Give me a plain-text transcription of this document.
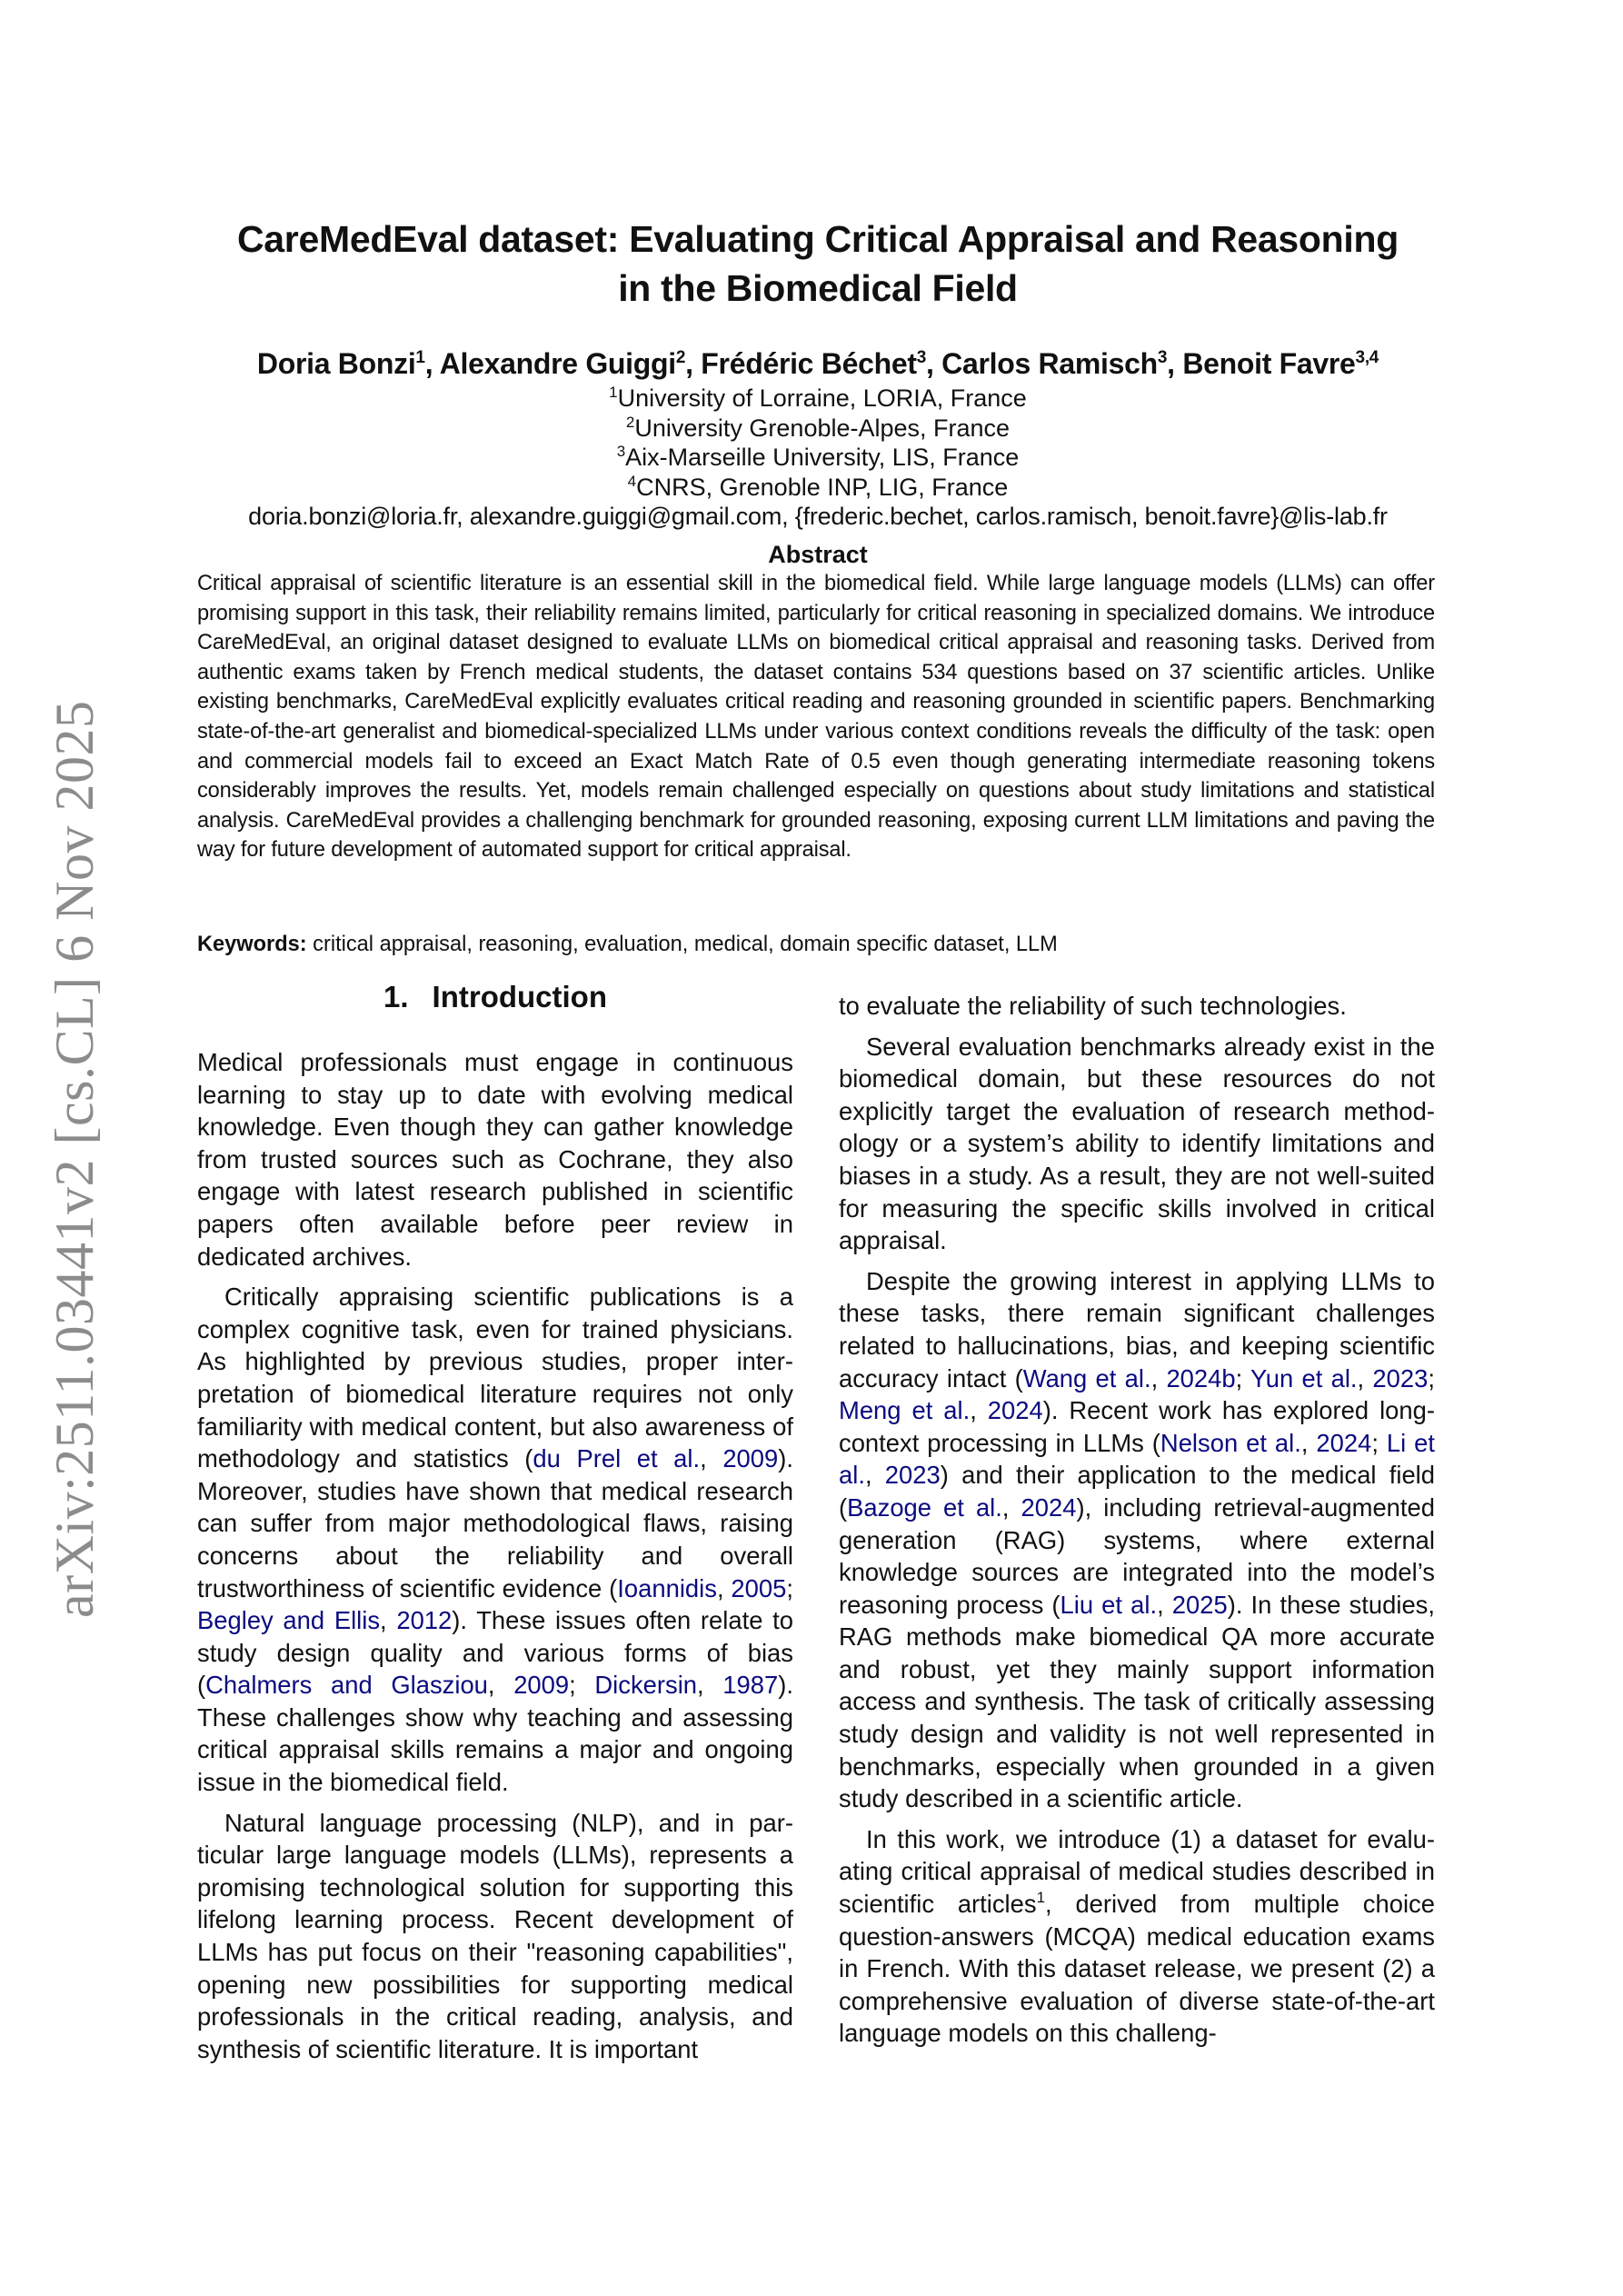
arXiv:2511.03441v2 [cs.CL] 6 Nov 2025
CareMedEval dataset: Evaluating Critical Appraisal and Reasoning
in the Biomedical Field
Doria Bonzi$^1$, Alexandre Guiggi$^2$, Frédéric Béchet$^3$, Carlos Ramisch$^3$, Benoit Favre$^{3,4}$
$^1$University of Lorraine, LORIA, France
$^2$University Grenoble-Alpes, France
$^3$Aix-Marseille University, LIS, France
$^4$CNRS, Grenoble INP, LIG, France
doria.bonzi@loria.fr, alexandre.guiggi@gmail.com, {frederic.bechet, carlos.ramisch, benoit.favre}@lis-lab.fr
Abstract

Critical appraisal of scientific literature is an essential skill in the biomedical field. While large language models (LLMs) can offer promising support in this task, their reliability remains limited, particularly for critical reasoning in specialized domains. We introduce CareMedEval, an original dataset designed to evaluate LLMs on biomedical critical appraisal and reasoning tasks. Derived from authentic exams taken by French medical students, the dataset contains 534 questions based on 37 scientific articles. Unlike existing benchmarks, CareMedEval explicitly evaluates critical reading and reasoning grounded in scientific papers. Benchmarking state-of-the-art generalist and biomedical-specialized LLMs under various context conditions reveals the difficulty of the task: open and commercial models fail to exceed an Exact Match Rate of 0.5 even though generating intermediate reasoning tokens considerably improves the results. Yet, models remain challenged especially on questions about study limitations and statistical analysis. CareMedEval provides a challenging benchmark for grounded reasoning, exposing current LLM limitations and paving the way for future development of automated support for critical appraisal.

Keywords: critical appraisal, reasoning, evaluation, medical, domain specific dataset, LLM

1. Introduction

Medical professionals must engage in continuous learning to stay up to date with evolving medical knowledge. Even though they can gather knowledge from trusted sources such as Cochrane, they also engage with latest research published in scientific papers often available before peer review in dedicated archives.

Critically appraising scientific publications is a complex cognitive task, even for trained physicians. As highlighted by previous studies, proper interpretation of biomedical literature requires not only familiarity with medical content, but also awareness of methodology and statistics (du Prel et al., 2009). Moreover, studies have shown that medical research can suffer from major methodological flaws, raising concerns about the reliability and overall trustworthiness of scientific evidence (Ioannidis, 2005; Begley and Ellis, 2012). These issues often relate to study design quality and various forms of bias (Chalmers and Glasziou, 2009; Dickersin, 1987). These challenges show why teaching and assessing critical appraisal skills remains a major and ongoing issue in the biomedical field.

Natural language processing (NLP), and in particular large language models (LLMs), represents a promising technological solution for supporting this lifelong learning process. Recent development of LLMs has put focus on their "reasoning capabilities", opening new possibilities for supporting medical professionals in the critical reading, analysis, and synthesis of scientific literature. It is important

to evaluate the reliability of such technologies.

Several evaluation benchmarks already exist in the biomedical domain, but these resources do not explicitly target the evaluation of research methodology or a system’s ability to identify limitations and biases in a study. As a result, they are not well-suited for measuring the specific skills involved in critical appraisal.

Despite the growing interest in applying LLMs to these tasks, there remain significant challenges related to hallucinations, bias, and keeping scientific accuracy intact (Wang et al., 2024b; Yun et al., 2023; Meng et al., 2024). Recent work has explored long-context processing in LLMs (Nelson et al., 2024; Li et al., 2023) and their application to the medical field (Bazoge et al., 2024), including retrieval-augmented generation (RAG) systems, where external knowledge sources are integrated into the model’s reasoning process (Liu et al., 2025). In these studies, RAG methods make biomedical QA more accurate and robust, yet they mainly support information access and synthesis. The task of critically assessing study design and validity is not well represented in benchmarks, especially when grounded in a given study described in a scientific article.

In this work, we introduce (1) a dataset for evaluating critical appraisal of medical studies described in scientific articles$^1$, derived from multiple choice question-answers (MCQA) medical education exams in French. With this dataset release, we present (2) a comprehensive evaluation of diverse state-of-the-art language models on this challeng-
